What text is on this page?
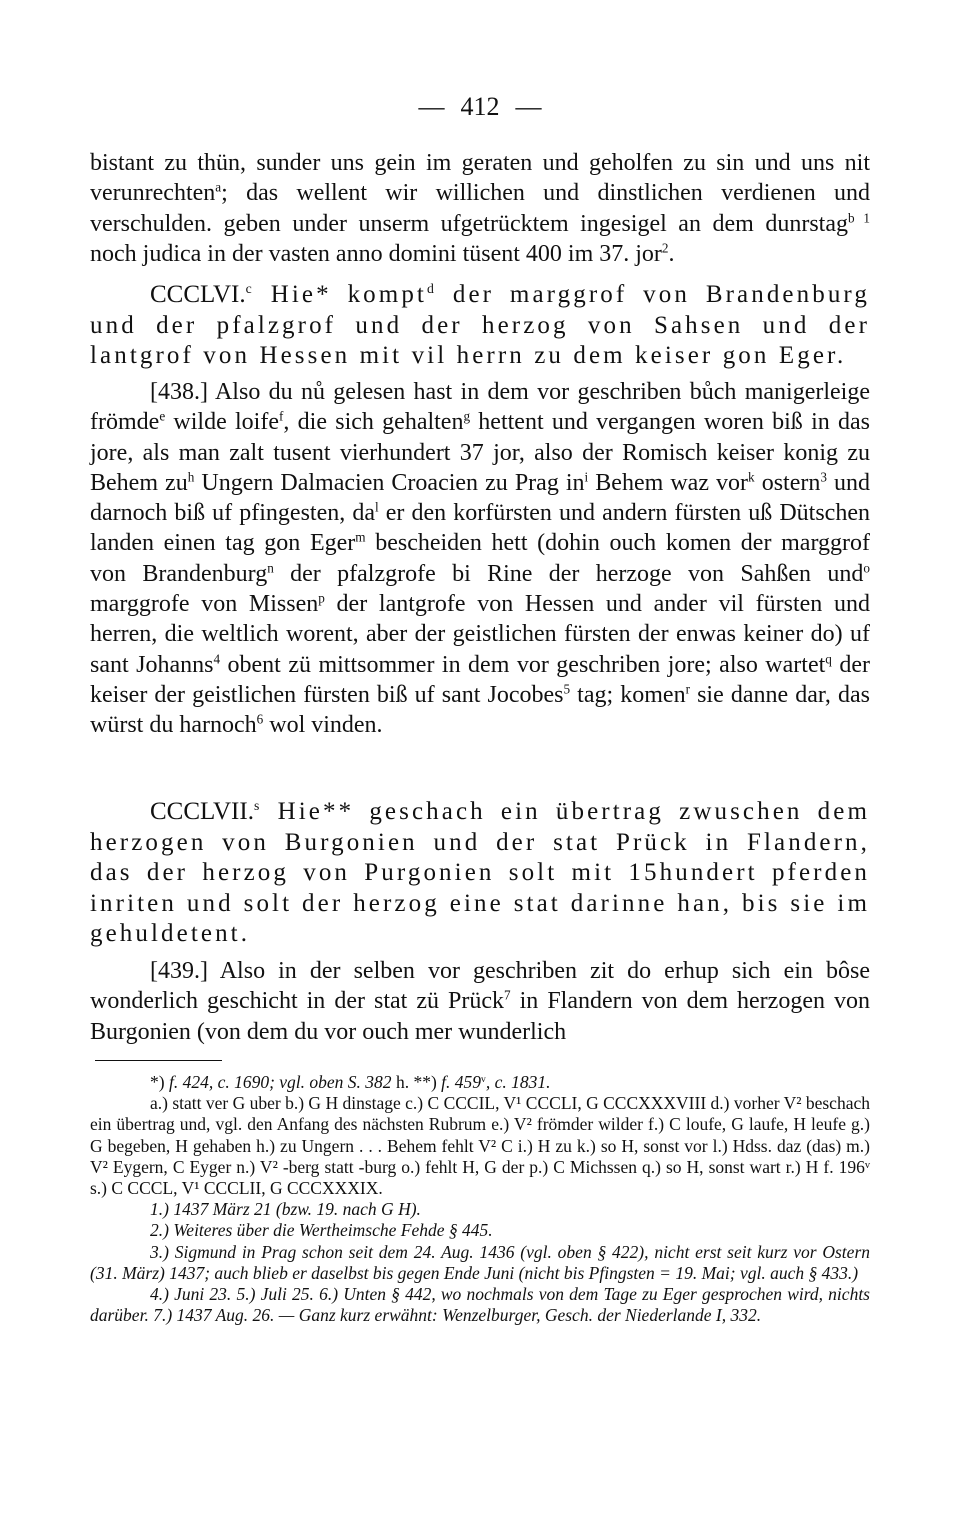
— 412 —

bistant zu thün, sunder uns gein im geraten und geholfen zu sin und uns nit verunrechten$^a$; das wellent wir willichen und dinstlichen verdienen und verschulden. geben under unserm ufgetrücktem ingesigel an dem dunrstag$^{b 1}$ noch judica in der vasten anno domini tüsent 400 im 37. jor$^2$.

CCCLVI.$^c$ Hie* kompt$^d$ der marggrof von Brandenburg und der pfalzgrof und der herzog von Sahsen und der lantgrof von Hessen mit vil herrn zu dem keiser gon Eger.

[438.] Also du nů gelesen hast in dem vor geschriben bůch manigerleige frömde$^e$ wilde loife$^f$, die sich gehalten$^g$ hettent und vergangen woren biß in das jore, als man zalt tusent vierhundert 37 jor, also der Romisch keiser konig zu Behem $zu^h$ Ungern Dalmacien Croacien zu Prag $in^i$ Behem waz vor$^k$ ostern$^3$ und darnoch biß uf pfingesten, $da^l$ er den korfürsten und andern fürsten uß Dütschen landen einen tag gon Eger$^m$ bescheiden hett (dohin ouch komen der marggrof von Brandenburg$^n$ der pfalzgrofe bi Rine der herzoge von Sahßen und$^o$ marggrofe von Missen$^p$ der lantgrofe von Hessen und ander vil fürsten und herren, die weltlich worent, aber der geistlichen fürsten der enwas keiner do) uf sant Johanns$^4$ obent zü mittsommer in dem vor geschriben jore; also wartet$^q$ der keiser der geistlichen fürsten biß uf sant Jocobes$^5$ tag; komen$^r$ sie danne dar, das würst du harnoch$^6$ wol vinden.

CCCLVII.$^s$ Hie** geschach ein übertrag zwuschen dem herzogen von Burgonien und der stat Prück in Flandern, das der herzog von Purgonien solt mit 15hundert pferden inriten und solt der herzog eine stat darinne han, bis sie im gehuldetent.

[439.] Also in der selben vor geschriben zit do erhup sich ein bôse wonderlich geschicht in der stat zü Prück$^7$ in Flandern von dem herzogen von Burgonien (von dem du vor ouch mer wunderlich

*) f. 424, c. 1690; vgl. oben S. 382 h. **) f. 459$^v$, c. 1831.

a.) statt ver G uber b.) G H dinstage c.) C CCCIL, V¹ CCCLI, G CCCXXXVIII d.) vorher V² beschach ein übertrag und, vgl. den Anfang des nächsten Rubrum e.) V² frömder wilder f.) C loufe, G laufe, H leufe g.) G begeben, H gehaben h.) zu Ungern . . . Behem fehlt V² C i.) H zu k.) so H, sonst vor l.) Hdss. daz (das) m.) V² Eygern, C Eyger n.) V² -berg statt -burg o.) fehlt H, G der p.) C Michssen q.) so H, sonst wart r.) H f. 196ᵛ s.) C CCCL, V¹ CCCLII, G CCCXXXIX.

1.) 1437 März 21 (bzw. 19. nach G H).

2.) Weiteres über die Wertheimsche Fehde § 445.

3.) Sigmund in Prag schon seit dem 24. Aug. 1436 (vgl. oben § 422), nicht erst seit kurz vor Ostern (31. März) 1437; auch blieb er daselbst bis gegen Ende Juni (nicht bis Pfingsten = 19. Mai; vgl. auch § 433.)

4.) Juni 23. 5.) Juli 25. 6.) Unten § 442, wo nochmals von dem Tage zu Eger gesprochen wird, nichts darüber. 7.) 1437 Aug. 26. — Ganz kurz erwähnt: Wenzelburger, Gesch. der Niederlande I, 332.
